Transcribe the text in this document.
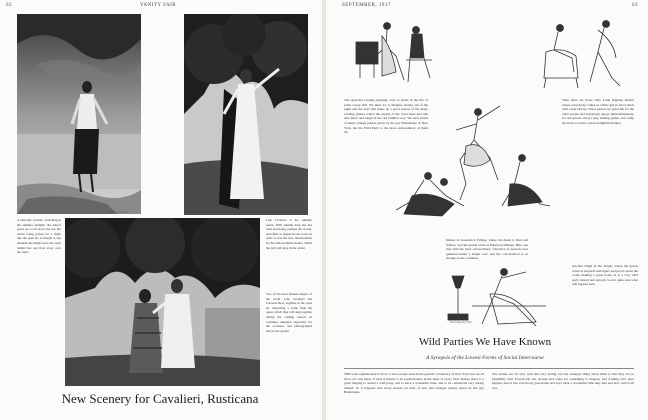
62	VANITY FAIR
ARNOLD GENTHE
A faun-like creature, frolicking in the summer sunlight, the dancer poses on a rock above the sea, her whole being poised for a flight into the open air, as though at any moment she might leave the earth behind her and float away over the water
Lina Cavalieri at her summer estate. With autumn long she has been practicing, perhaps the woods, and offers to appear in one scene, in order to test her new interpretation for the famous Prima Donna, which the lady will give in the winter
Two of the most famous singers of the world, Lina Cavalieri and Lucrezia Bori, together in the open air, rehearsing a scene from the opera which they will sing together during the coming season, in costumes designed especially for the occasion, and photographed here in the garden
New Scenery for Cavalieri, Rusticana
SEPTEMBER, 1917	63
The sprawled evening hanging, once at home in the life of some weary hall. We must try to imagine arising out of the night and the days that make up a good season of the many evening parties where the people of the town meet and talk and dance and laugh in the old familiar way. We have heard of many strange parties given by the gay Bohemians of New York, but the Wild Party is the most extraordinary of them all.
Then there are those Jolly Little Ingenue Parties where everybody comes as a little girl in short skirts with a hair ribbon. These parties are great fun for the older people and everybody enjoys them immensely, for the guests always play kissing games and romp about the room in a most delightful manner.
Dinner in Greenwich Village, where the menu is 'Red and Yellow,' and the guests come as Futurist paintings. Here one may find the most extraordinary collection of persons ever gathered under a single roof, and the conversation is as strange as the costumes.
Another Night in the Jungle, where the guests come as leopards and tigers and prowl about the room, making a great noise. It is a very wild party indeed and nobody is ever quite sure what will happen next.
Drawings by Fish
Wild Parties We Have Known
A Synopsis of the Lowest Forms of Social Intercourse
THE term sophisticated is more or less loosely used in the general vocabulary of New York, but we all have our own ideas of what it means to be sophisticated. In the heart of every New Yorker, there is a great longing to attend a wild party, and to have a wonderful time, and to be considered very daring indeed. So it happens that every season we hear of new and stranger parties given by the gay Bohemians.
The parties are all very wild and very daring, but the strangest thing about them is that they are so frightfully dull. Everybody sits around and waits for something to happen, and nothing ever does happen, and at last everybody goes home and says what a wonderful time they had and how wild it all was.
